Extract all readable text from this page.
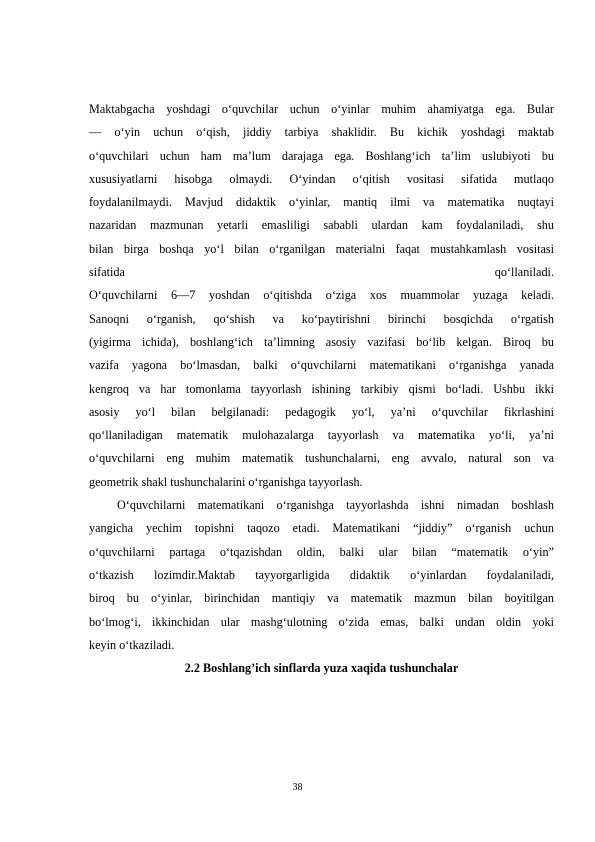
Maktabgacha yoshdagi o‘quvchilar uchun o‘yinlar muhim ahamiyatga ega. Bular
— o‘yin uchun o‘qish, jiddiy tarbiya shaklidir. Bu kichik yoshdagi maktab
o‘quvchilari uchun ham ma’lum darajaga ega. Boshlang‘ich ta’lim uslubiyoti bu
xususiyatlarni hisobga olmaydi. O‘yindan o‘qitish vositasi sifatida mutlaqo
foydalanilmaydi. Mavjud didaktik o‘yinlar, mantiq ilmi va matematika nuqtayi
nazaridan mazmunan yetarli emasliligi sababli ulardan kam foydalaniladi, shu
bilan birga boshqa yo‘l bilan o‘rganilgan materialni faqat mustahkamlash vositasi
sifatida	qo‘llaniladi.
O‘quvchilarni 6—7 yoshdan o‘qitishda o‘ziga xos muammolar yuzaga keladi.
Sanoqni o‘rganish, qo‘shish va ko‘paytirishni birinchi bosqichda o‘rgatish
(yigirma ichida), boshlang‘ich ta’limning asosiy vazifasi bo‘lib kelgan. Biroq bu
vazifa yagona bo‘lmasdan, balki o‘quvchilarni matematikani o‘rganishga yanada
kengroq va har tomonlama tayyorlash ishining tarkibiy qismi bo‘ladi. Ushbu ikki
asosiy yo‘l bilan belgilanadi: pedagogik yo‘l, ya’ni o‘quvchilar fikrlashini
qo‘llaniladigan matematik mulohazalarga tayyorlash va matematika yo‘li, ya’ni
o‘quvchilarni eng muhim matematik tushunchalarni, eng avvalo, natural son va
geometrik shakl tushunchalarini o‘rganishga tayyorlash.
O‘quvchilarni matematikani o‘rganishga tayyorlashda ishni nimadan boshlash
yangicha yechim topishni taqozo etadi. Matematikani “jiddiy” o‘rganish uchun
o‘quvchilarni partaga o‘tqazishdan oldin, balki ular bilan “matematik o‘yin”
o‘tkazish lozimdir.Maktab tayyorgarligida didaktik o‘yinlardan foydalaniladi,
biroq bu o‘yinlar, birinchidan mantiqiy va matematik mazmun bilan boyitilgan
bo‘lmog‘i, ikkinchidan ular mashg‘ulotning o‘zida emas, balki undan oldin yoki
keyin o‘tkaziladi.
2.2 Boshlang’ich sinflarda yuza xaqida tushunchalar
38
